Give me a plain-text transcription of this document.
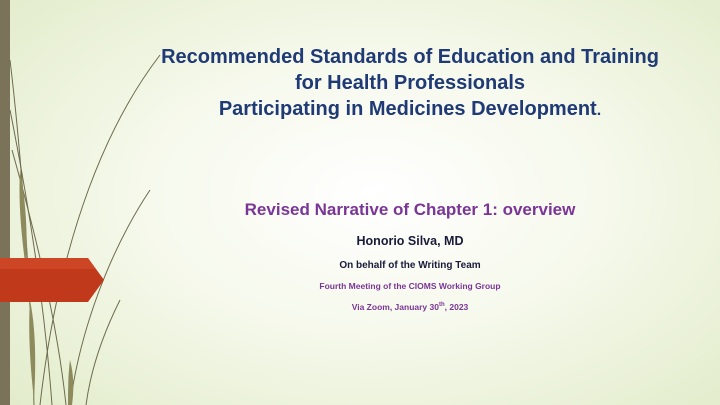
Recommended Standards of Education and Training
for Health Professionals
Participating in Medicines Development.
Revised Narrative of Chapter 1: overview
Honorio Silva, MD
On behalf of the Writing Team
Fourth Meeting of the CIOMS Working Group
Via Zoom, January 30th, 2023
